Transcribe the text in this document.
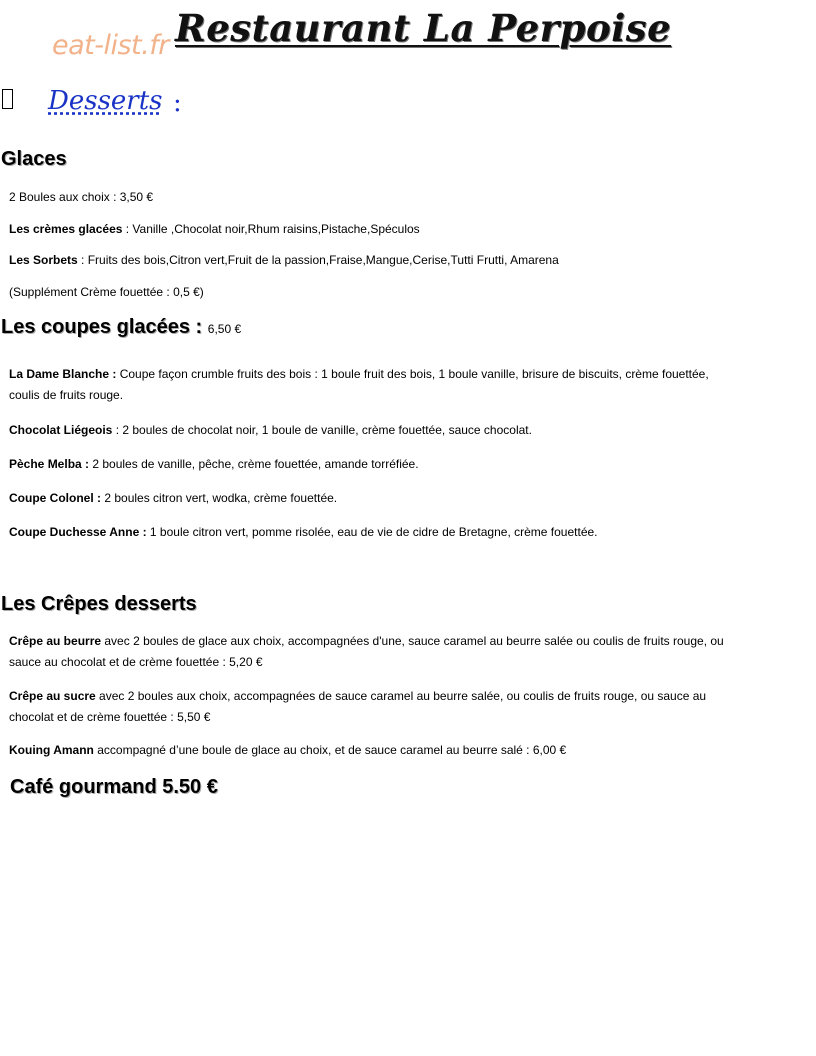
eat-list.fr Restaurant La Perpoise
Desserts :
Glaces
2 Boules aux choix : 3,50 €
Les crèmes glacées : Vanille ,Chocolat noir,Rhum raisins,Pistache,Spéculos
Les Sorbets : Fruits des bois,Citron vert,Fruit de la passion,Fraise,Mangue,Cerise,Tutti Frutti, Amarena
(Supplément Crème fouettée : 0,5 €)
Les coupes glacées : 6,50 €
La Dame Blanche : Coupe façon crumble fruits des bois : 1 boule fruit des bois, 1 boule vanille, brisure de biscuits, crème fouettée,
coulis de fruits rouge.
Chocolat Liégeois : 2 boules de chocolat noir, 1 boule de vanille, crème fouettée, sauce chocolat.
Pèche Melba : 2 boules de vanille, pêche, crème fouettée, amande torréfiée.
Coupe Colonel : 2 boules citron vert, wodka, crème fouettée.
Coupe Duchesse Anne : 1 boule citron vert, pomme risolée, eau de vie de cidre de Bretagne, crème fouettée.
Les Crêpes desserts
Crêpe au beurre avec 2 boules de glace aux choix, accompagnées d'une, sauce caramel au beurre salée ou coulis de fruits rouge, ou
sauce au chocolat et de crème fouettée : 5,20 €
Crêpe au sucre avec 2 boules aux choix, accompagnées de sauce caramel au beurre salée, ou coulis de fruits rouge, ou sauce au
chocolat et de crème fouettée : 5,50 €
Kouing Amann accompagné d’une boule de glace au choix, et de sauce caramel au beurre salé : 6,00 €
Café gourmand 5.50 €
